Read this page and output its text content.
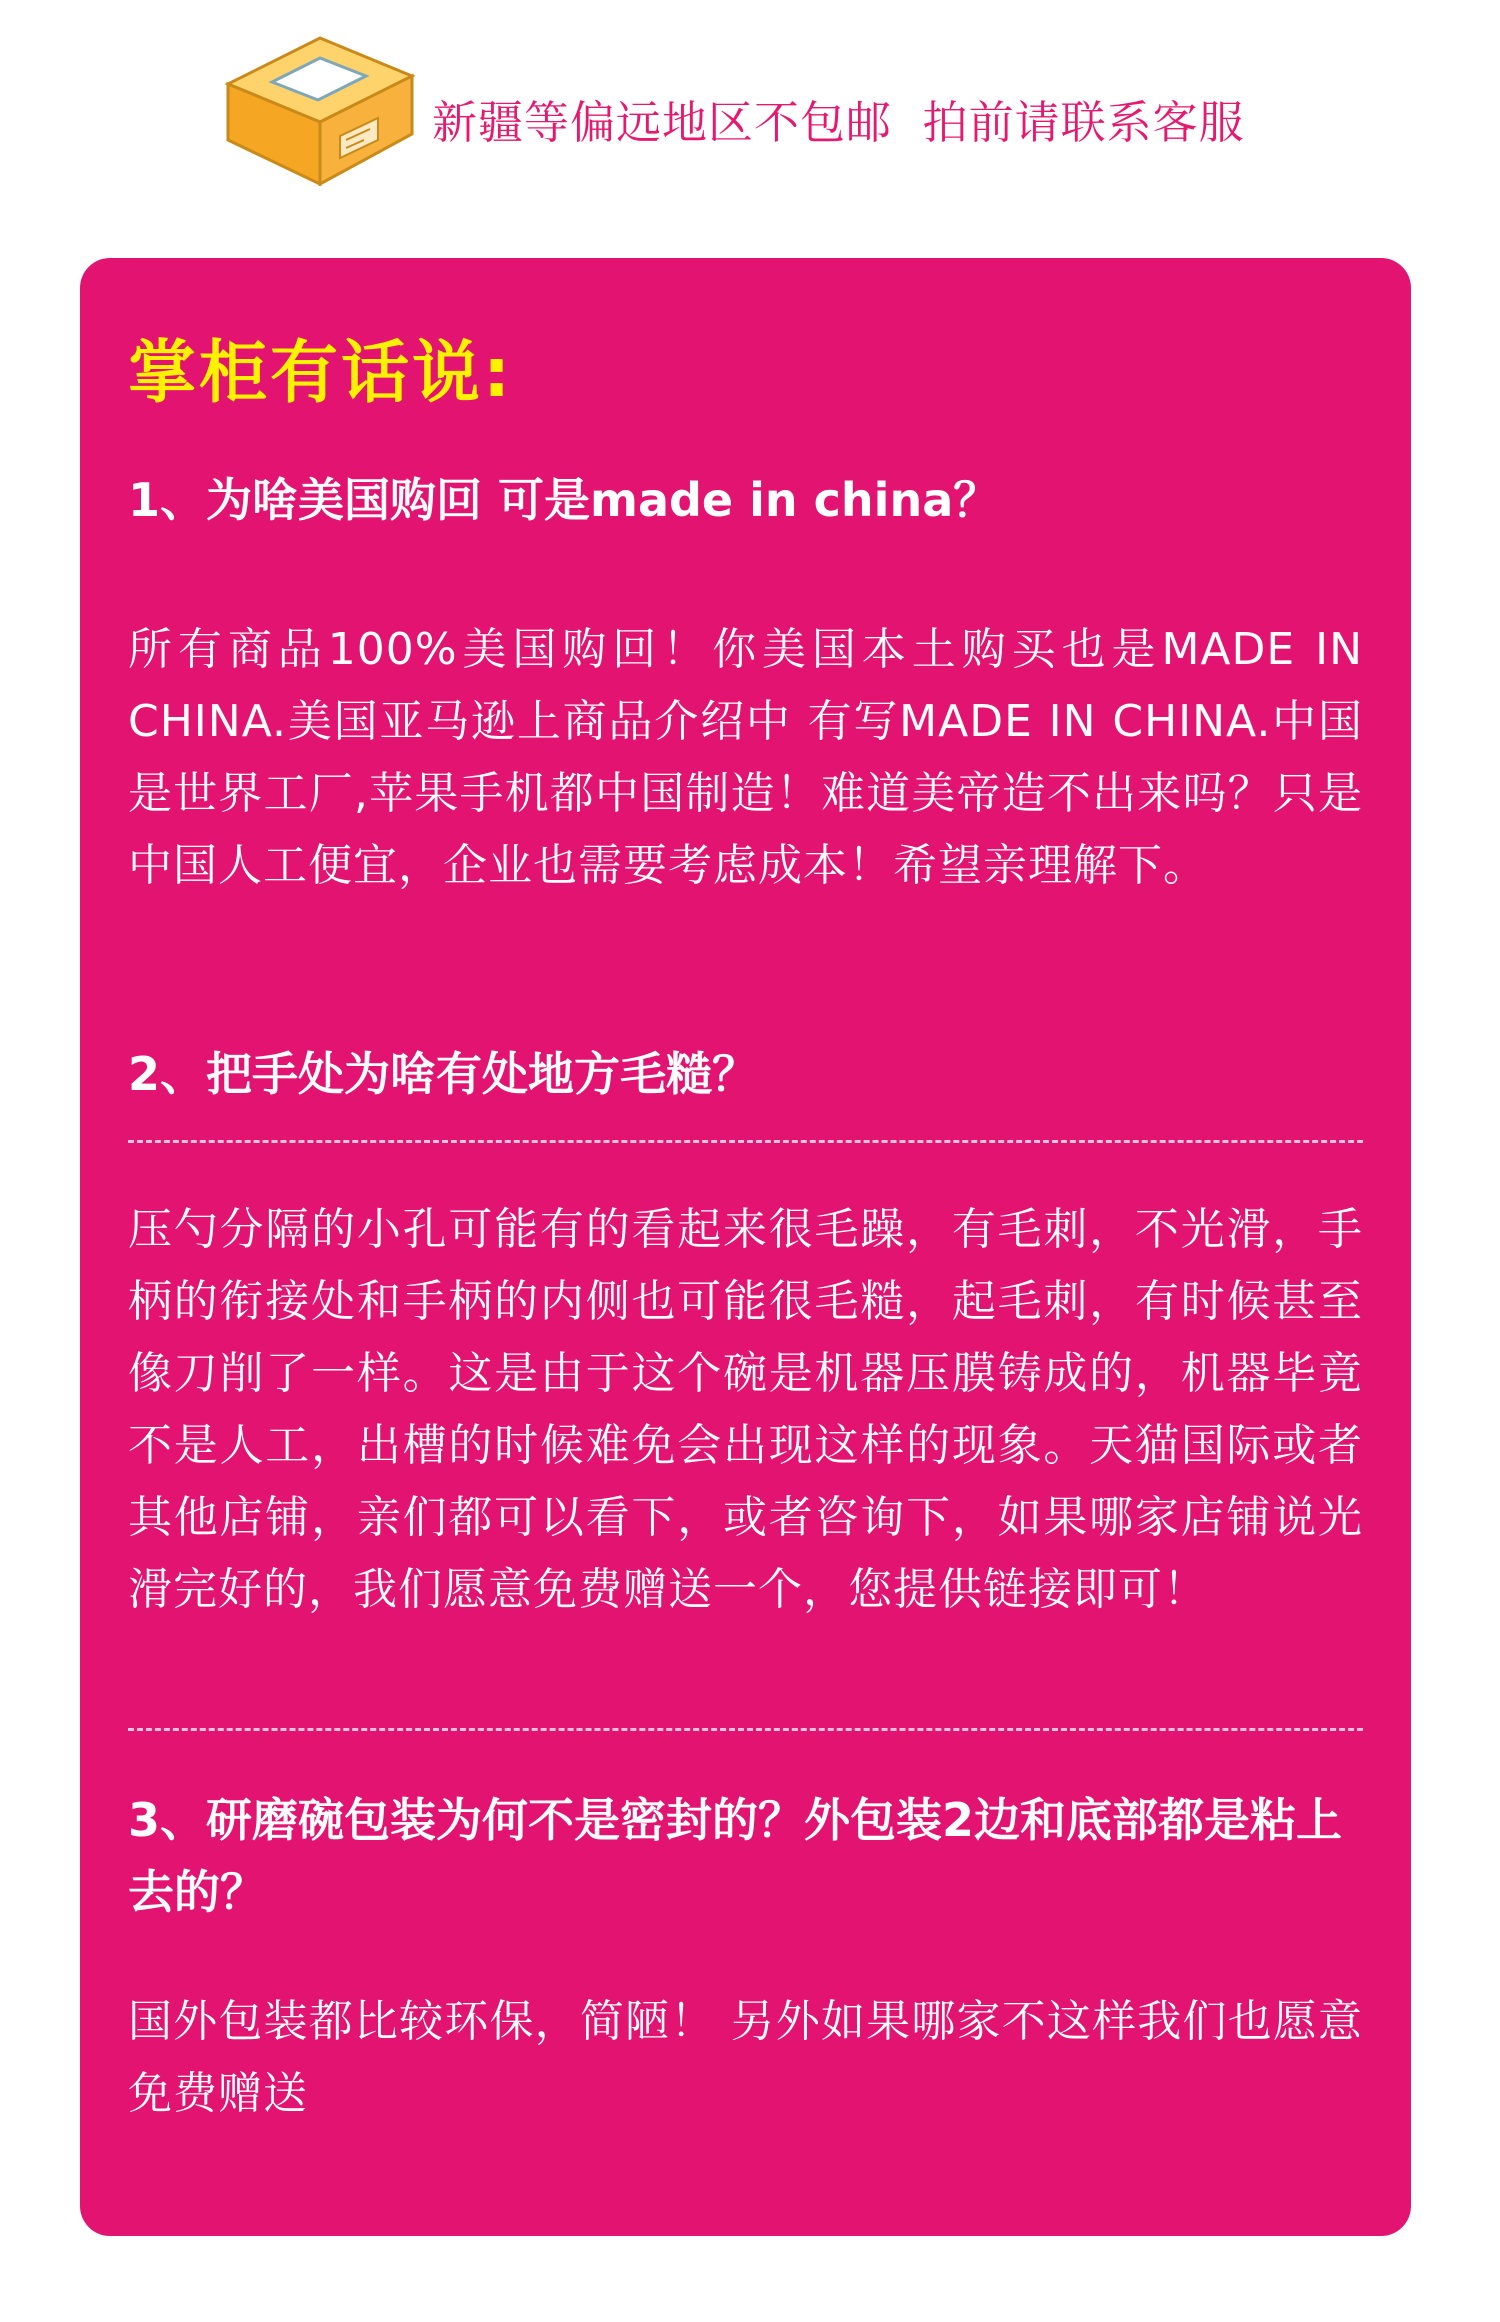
新疆等偏远地区不包邮  拍前请联系客服
掌柜有话说:
1、为啥美国购回 可是made in china？
所有商品100%美国购回！你美国本土购买也是MADE IN CHINA.美国亚马逊上商品介绍中 有写MADE IN CHINA.中国是世界工厂,苹果手机都中国制造！难道美帝造不出来吗？只是中国人工便宜，企业也需要考虑成本！希望亲理解下。
2、把手处为啥有处地方毛糙？
压勺分隔的小孔可能有的看起来很毛躁，有毛刺，不光滑，手柄的衔接处和手柄的内侧也可能很毛糙，起毛刺，有时候甚至像刀削了一样。这是由于这个碗是机器压膜铸成的，机器毕竟不是人工，出槽的时候难免会出现这样的现象。天猫国际或者其他店铺，亲们都可以看下，或者咨询下，如果哪家店铺说光滑完好的，我们愿意免费赠送一个，您提供链接即可！
3、研磨碗包装为何不是密封的？外包装2边和底部都是粘上去的？
国外包装都比较环保，简陋！ 另外如果哪家不这样我们也愿意免费赠送
